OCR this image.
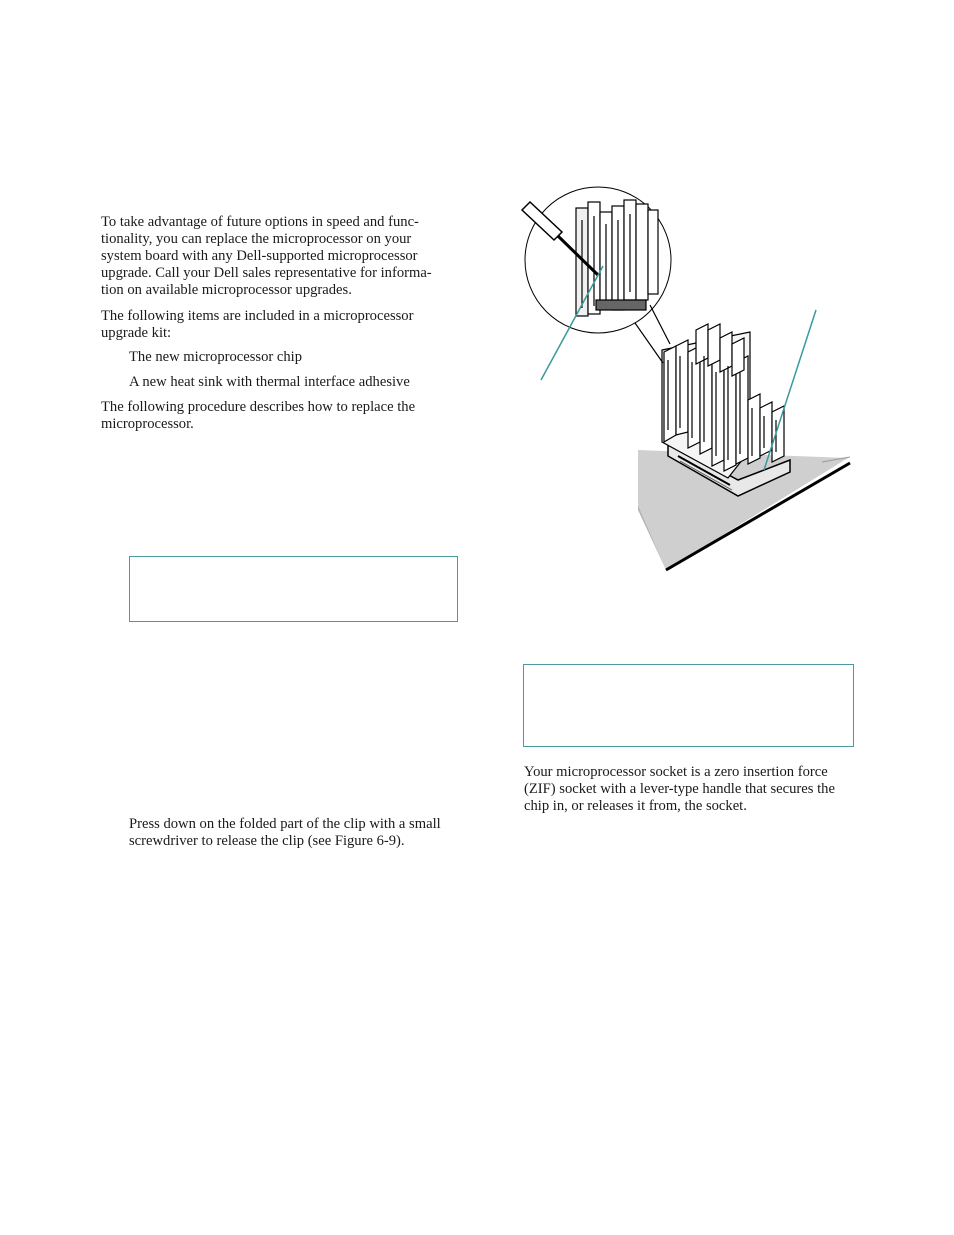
To take advantage of future options in speed and func-
tionality, you can replace the microprocessor on your
system board with any Dell-supported microprocessor
upgrade. Call your Dell sales representative for informa-
tion on available microprocessor upgrades.
The following items are included in a microprocessor
upgrade kit:
The new microprocessor chip
A new heat sink with thermal interface adhesive
The following procedure describes how to replace the
microprocessor.
Press down on the folded part of the clip with a small
screwdriver to release the clip (see Figure 6-9).
Your microprocessor socket is a zero insertion force
(ZIF) socket with a lever-type handle that secures the
chip in, or releases it from, the socket.
